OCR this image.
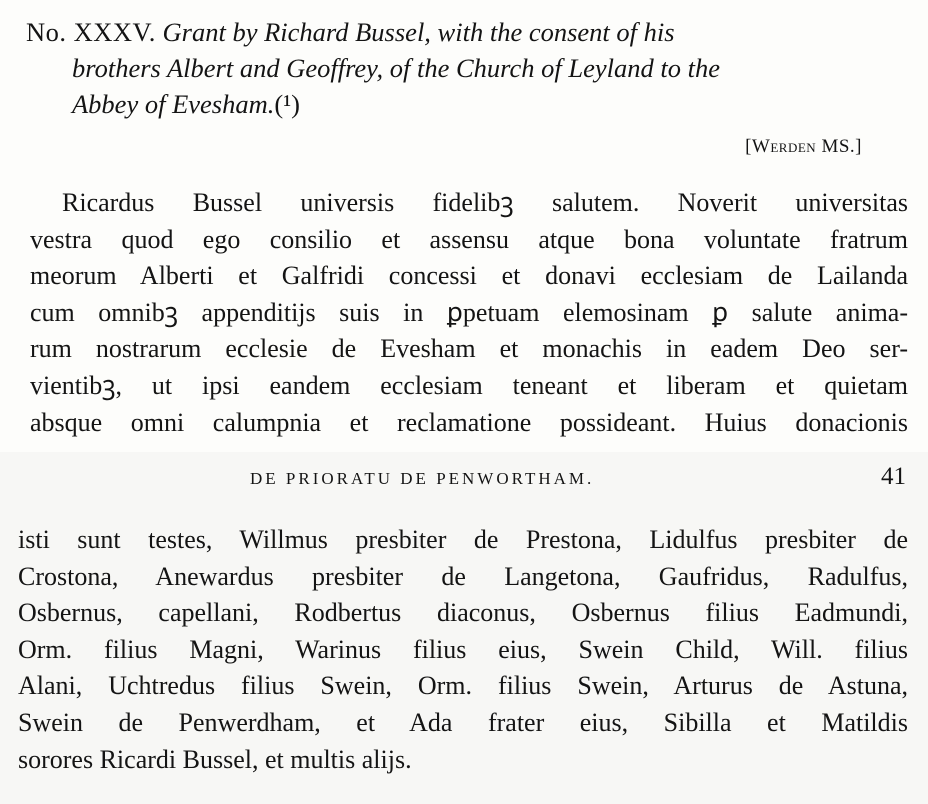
No. XXXV. Grant by Richard Bussel, with the consent of his
brothers Albert and Geoffrey, of the Church of Leyland to the
Abbey of Evesham.(¹)
[Werden MS.]
Ricardus Bussel universis fidelibꝫ salutem. Noverit universitas
vestra quod ego consilio et assensu atque bona voluntate fratrum
meorum Alberti et Galfridi concessi et donavi ecclesiam de Lailanda
cum omnibꝫ appenditijs suis in ꝑpetuam elemosinam ꝑ salute anima-
rum nostrarum ecclesie de Evesham et monachis in eadem Deo ser-
vientibꝫ, ut ipsi eandem ecclesiam teneant et liberam et quietam
absque omni calumpnia et reclamatione possideant. Huius donacionis
DE PRIORATU DE PENWORTHAM.	41
isti sunt testes, Willmus presbiter de Prestona, Lidulfus presbiter de
Crostona, Anewardus presbiter de Langetona, Gaufridus, Radulfus,
Osbernus, capellani, Rodbertus diaconus, Osbernus filius Eadmundi,
Orm. filius Magni, Warinus filius eius, Swein Child, Will. filius
Alani, Uchtredus filius Swein, Orm. filius Swein, Arturus de Astuna,
Swein de Penwerdham, et Ada frater eius, Sibilla et Matildis
sorores Ricardi Bussel, et multis alijs.
